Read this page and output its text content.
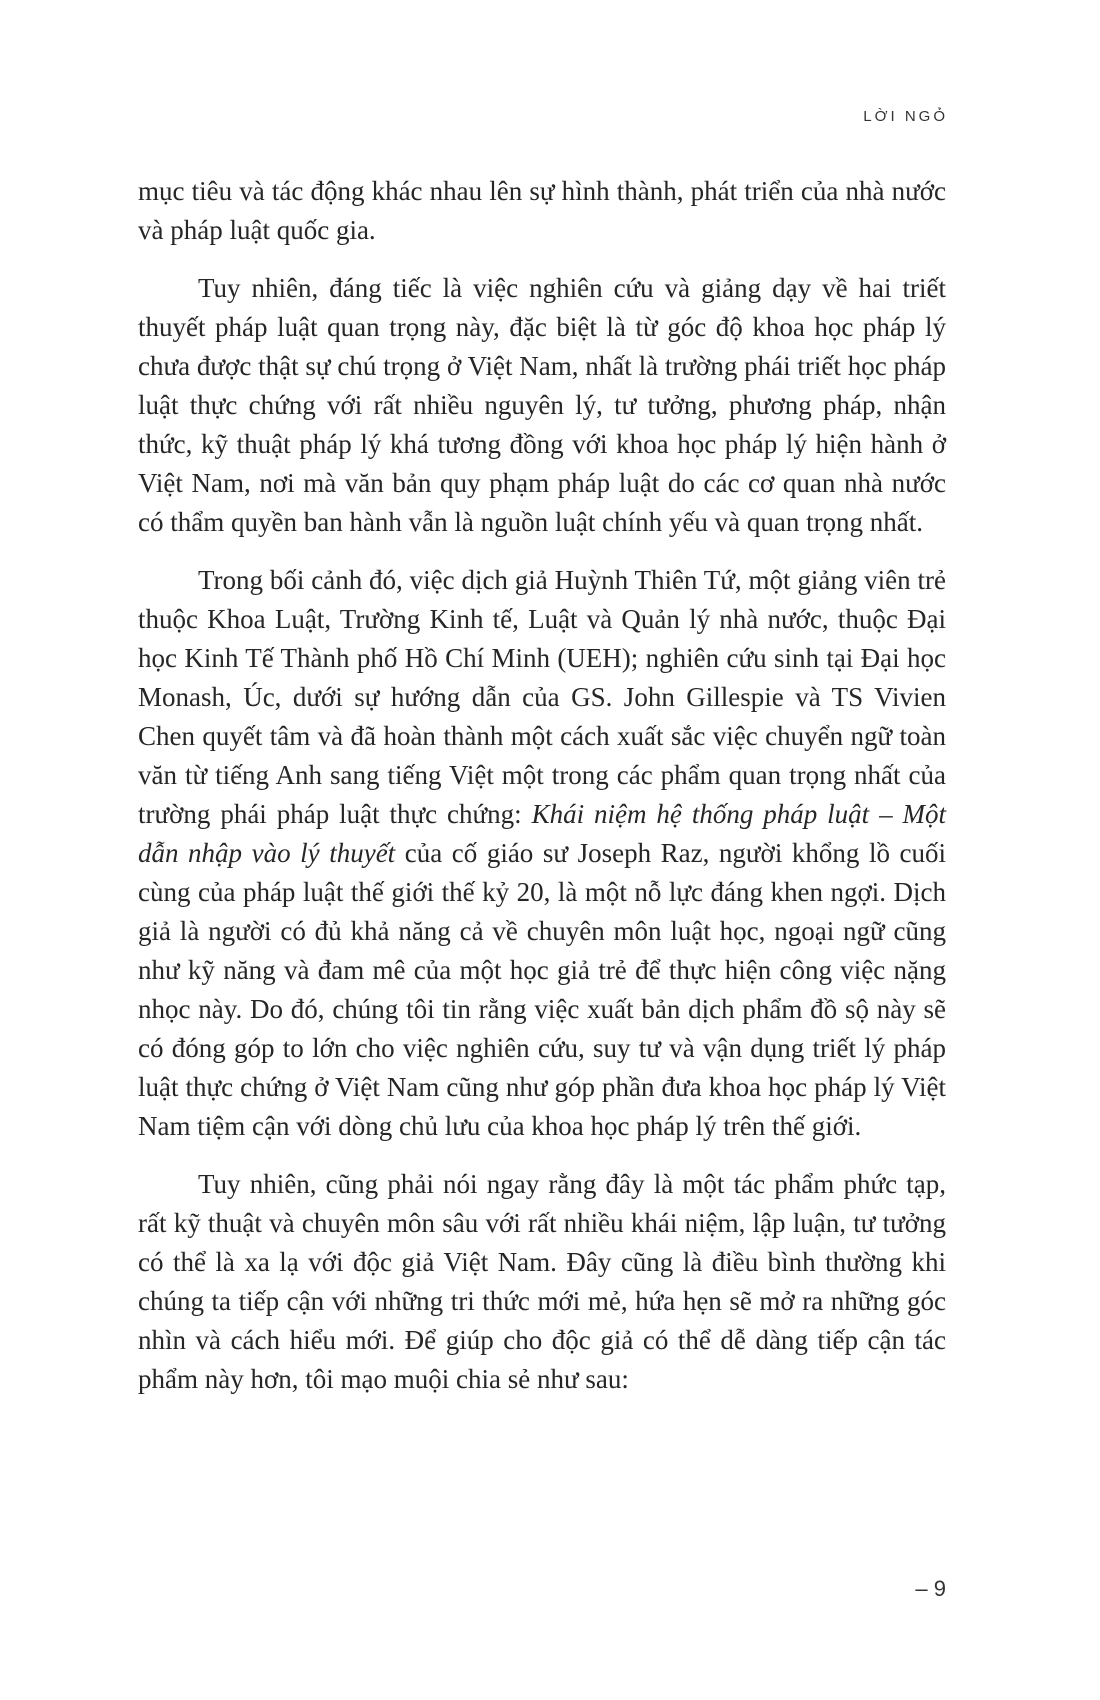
LỜI NGỎ

mục tiêu và tác động khác nhau lên sự hình thành, phát triển của nhà nước và pháp luật quốc gia.

Tuy nhiên, đáng tiếc là việc nghiên cứu và giảng dạy về hai triết thuyết pháp luật quan trọng này, đặc biệt là từ góc độ khoa học pháp lý chưa được thật sự chú trọng ở Việt Nam, nhất là trường phái triết học pháp luật thực chứng với rất nhiều nguyên lý, tư tưởng, phương pháp, nhận thức, kỹ thuật pháp lý khá tương đồng với khoa học pháp lý hiện hành ở Việt Nam, nơi mà văn bản quy phạm pháp luật do các cơ quan nhà nước có thẩm quyền ban hành vẫn là nguồn luật chính yếu và quan trọng nhất.

Trong bối cảnh đó, việc dịch giả Huỳnh Thiên Tứ, một giảng viên trẻ thuộc Khoa Luật, Trường Kinh tế, Luật và Quản lý nhà nước, thuộc Đại học Kinh Tế Thành phố Hồ Chí Minh (UEH); nghiên cứu sinh tại Đại học Monash, Úc, dưới sự hướng dẫn của GS. John Gillespie và TS Vivien Chen quyết tâm và đã hoàn thành một cách xuất sắc việc chuyển ngữ toàn văn từ tiếng Anh sang tiếng Việt một trong các phẩm quan trọng nhất của trường phái pháp luật thực chứng: Khái niệm hệ thống pháp luật – Một dẫn nhập vào lý thuyết của cố giáo sư Joseph Raz, người khổng lồ cuối cùng của pháp luật thế giới thế kỷ 20, là một nỗ lực đáng khen ngợi. Dịch giả là người có đủ khả năng cả về chuyên môn luật học, ngoại ngữ cũng như kỹ năng và đam mê của một học giả trẻ để thực hiện công việc nặng nhọc này. Do đó, chúng tôi tin rằng việc xuất bản dịch phẩm đồ sộ này sẽ có đóng góp to lớn cho việc nghiên cứu, suy tư và vận dụng triết lý pháp luật thực chứng ở Việt Nam cũng như góp phần đưa khoa học pháp lý Việt Nam tiệm cận với dòng chủ lưu của khoa học pháp lý trên thế giới.

Tuy nhiên, cũng phải nói ngay rằng đây là một tác phẩm phức tạp, rất kỹ thuật và chuyên môn sâu với rất nhiều khái niệm, lập luận, tư tưởng có thể là xa lạ với độc giả Việt Nam. Đây cũng là điều bình thường khi chúng ta tiếp cận với những tri thức mới mẻ, hứa hẹn sẽ mở ra những góc nhìn và cách hiểu mới. Để giúp cho độc giả có thể dễ dàng tiếp cận tác phẩm này hơn, tôi mạo muội chia sẻ như sau:

– 9
